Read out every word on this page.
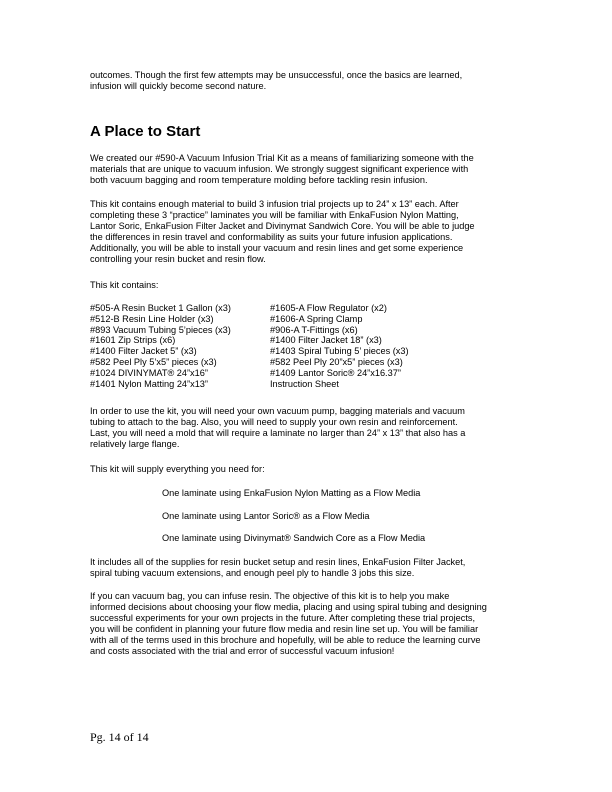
outcomes. Though the first few attempts may be unsuccessful, once the basics are learned,
infusion will quickly become second nature.

A Place to Start

We created our #590-A Vacuum Infusion Trial Kit as a means of familiarizing someone with the
materials that are unique to vacuum infusion. We strongly suggest significant experience with
both vacuum bagging and room temperature molding before tackling resin infusion.

This kit contains enough material to build 3 infusion trial projects up to 24” x 13” each. After
completing these 3 “practice” laminates you will be familiar with EnkaFusion Nylon Matting,
Lantor Soric, EnkaFusion Filter Jacket and Divinymat Sandwich Core. You will be able to judge
the differences in resin travel and conformability as suits your future infusion applications.
Additionally, you will be able to install your vacuum and resin lines and get some experience
controlling your resin bucket and resin flow.

This kit contains:

#505-A Resin Bucket 1 Gallon (x3)
#512-B Resin Line Holder (x3)
#893 Vacuum Tubing 5’pieces (x3)
#1601 Zip Strips (x6)
#1400 Filter Jacket 5” (x3)
#582 Peel Ply 5’x5” pieces (x3)
#1024 DIVINYMAT® 24”x16”
#1401 Nylon Matting 24”x13”
#1605-A Flow Regulator (x2)
#1606-A Spring Clamp
#906-A T-Fittings (x6)
#1400 Filter Jacket 18” (x3)
#1403 Spiral Tubing 5’ pieces (x3)
#582 Peel Ply 20”x5” pieces (x3)
#1409 Lantor Soric® 24”x16.37”
Instruction Sheet

In order to use the kit, you will need your own vacuum pump, bagging materials and vacuum
tubing to attach to the bag. Also, you will need to supply your own resin and reinforcement.
Last, you will need a mold that will require a laminate no larger than 24” x 13” that also has a
relatively large flange.

This kit will supply everything you need for:

One laminate using EnkaFusion Nylon Matting as a Flow Media

One laminate using Lantor Soric® as a Flow Media

One laminate using Divinymat® Sandwich Core as a Flow Media

It includes all of the supplies for resin bucket setup and resin lines, EnkaFusion Filter Jacket,
spiral tubing vacuum extensions, and enough peel ply to handle 3 jobs this size.

If you can vacuum bag, you can infuse resin. The objective of this kit is to help you make
informed decisions about choosing your flow media, placing and using spiral tubing and designing
successful experiments for your own projects in the future. After completing these trial projects,
you will be confident in planning your future flow media and resin line set up. You will be familiar
with all of the terms used in this brochure and hopefully, will be able to reduce the learning curve
and costs associated with the trial and error of successful vacuum infusion!

Pg. 14 of 14
